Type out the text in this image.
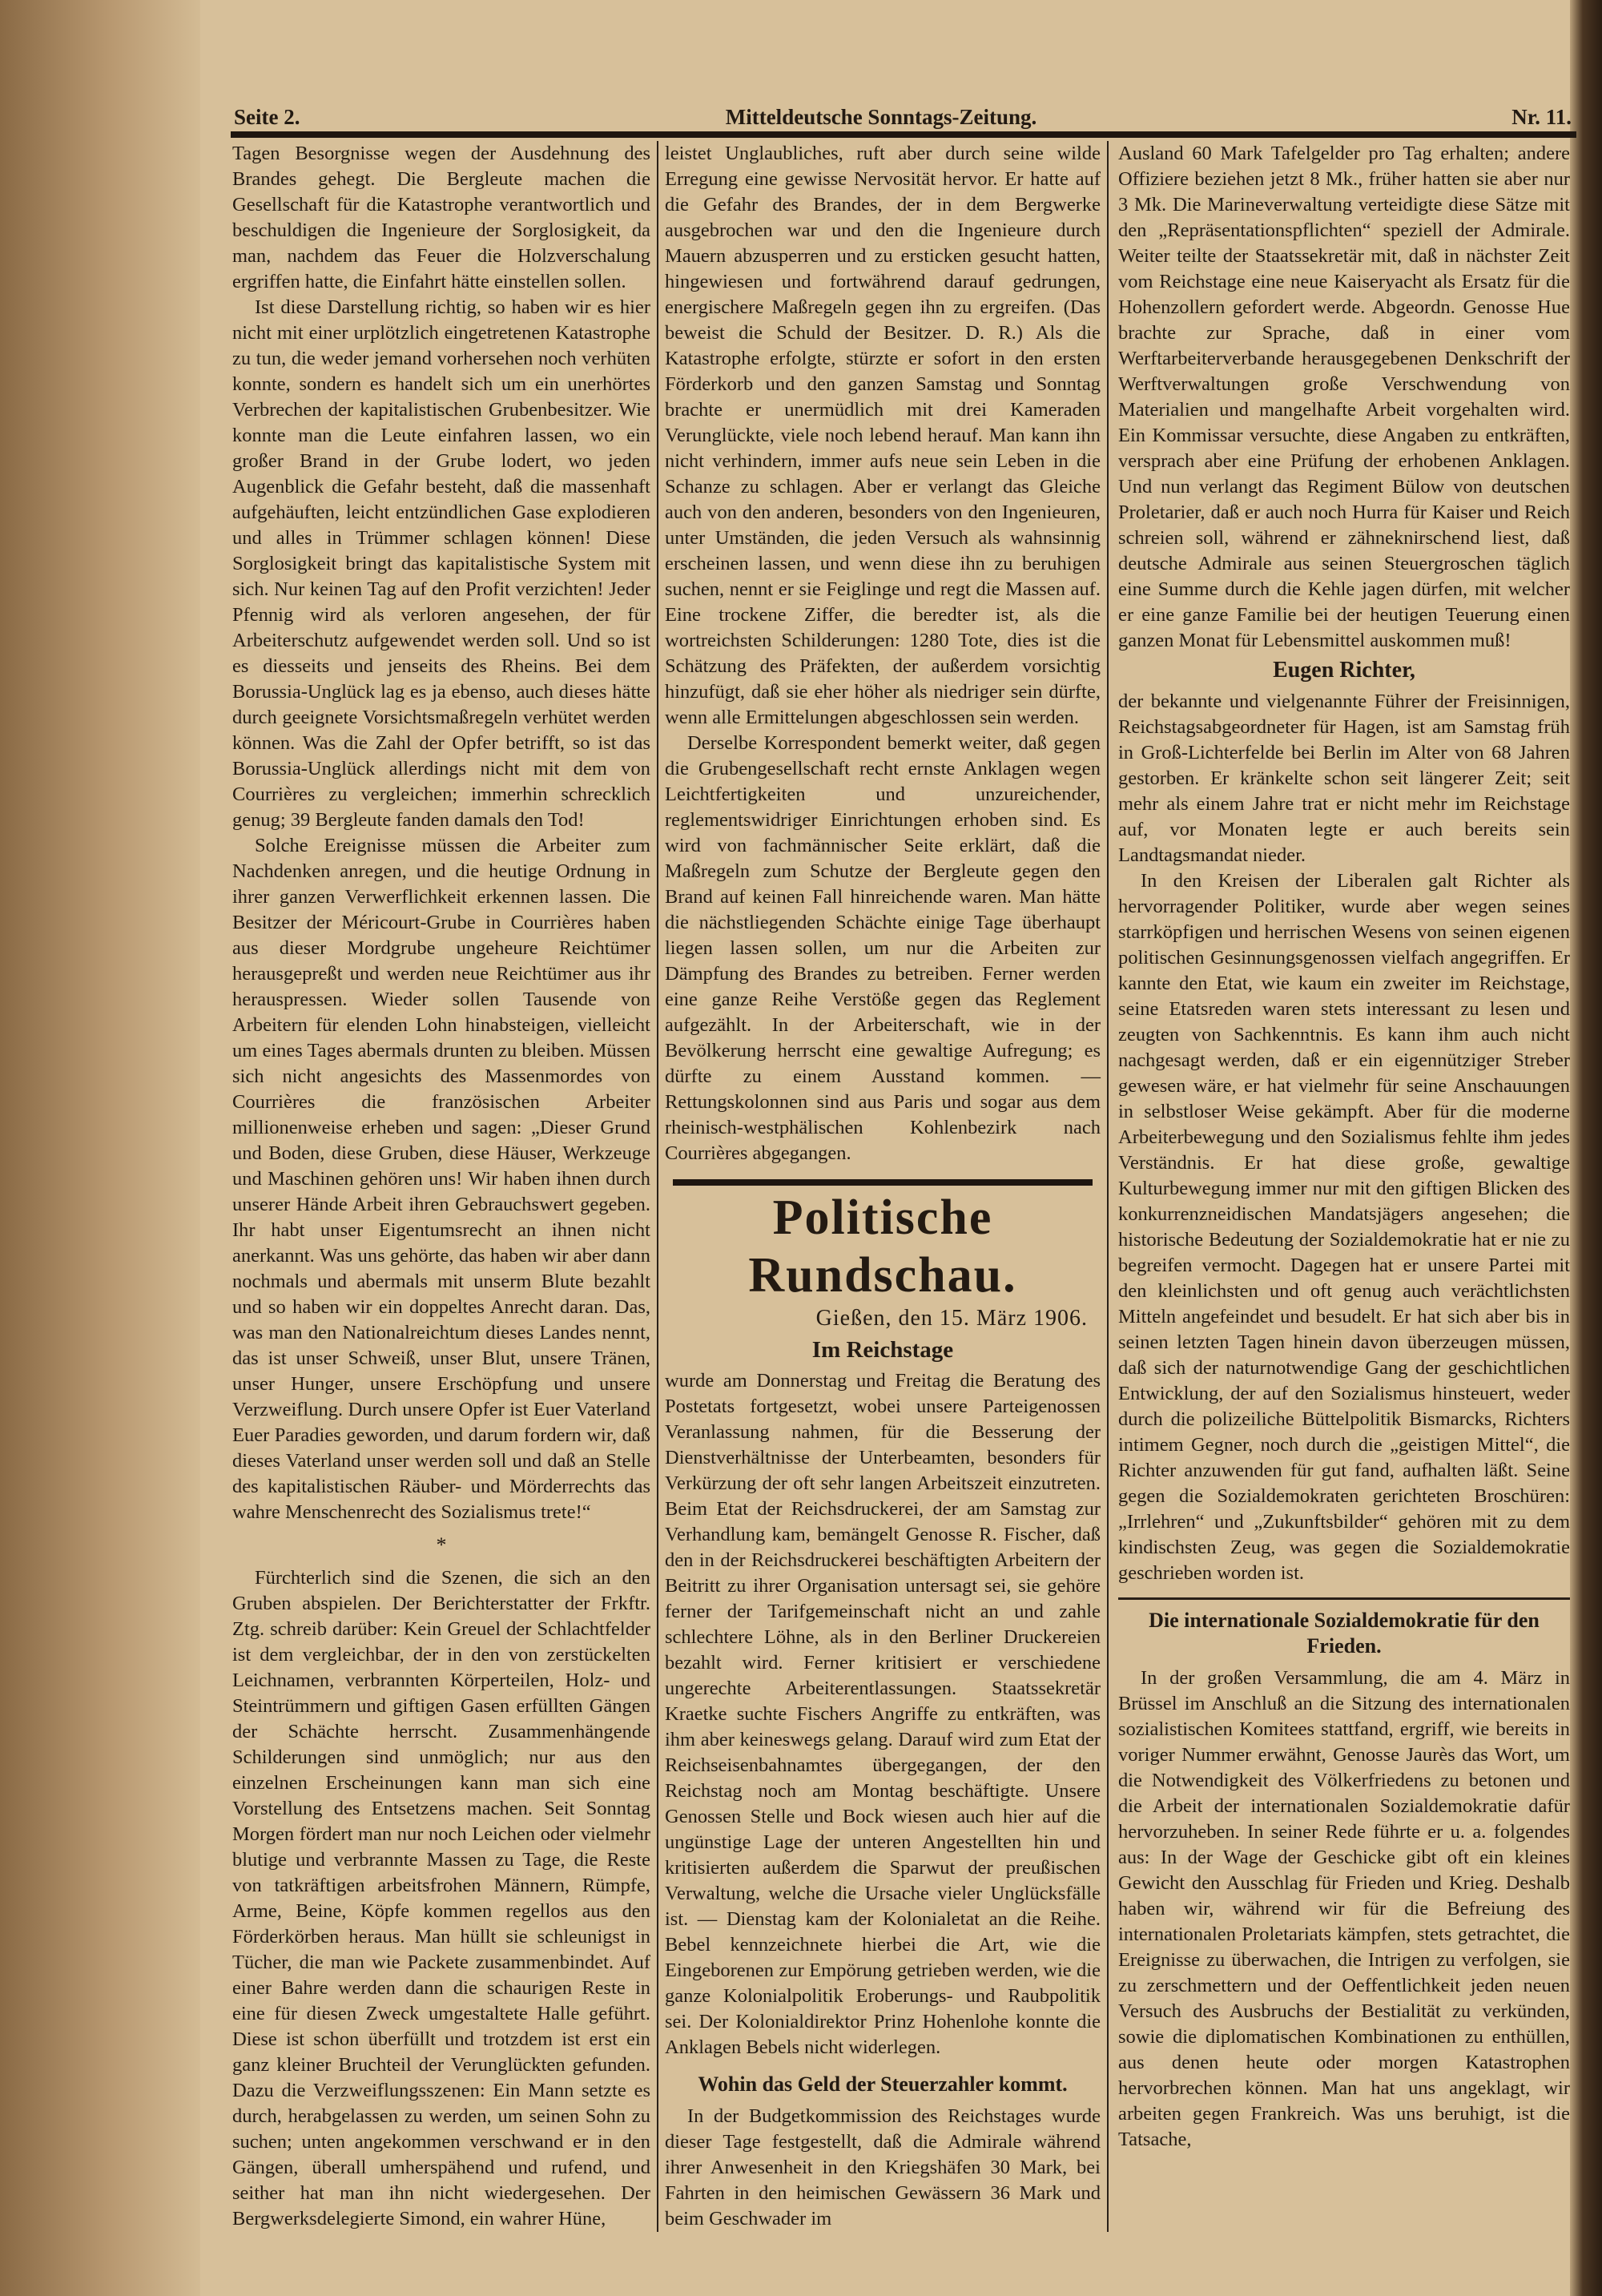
Seite 2.	Mitteldeutsche Sonntags-Zeitung.	Nr. 11.

Tagen Besorgnisse wegen der Ausdehnung des Brandes gehegt. Die Bergleute machen die Gesellschaft für die Katastrophe verantwortlich und beschuldigen die Ingenieure der Sorglosigkeit, da man, nachdem das Feuer die Holzverschalung ergriffen hatte, die Einfahrt hätte einstellen sollen.

Ist diese Darstellung richtig, so haben wir es hier nicht mit einer urplötzlich eingetretenen Katastrophe zu tun, die weder jemand vorhersehen noch verhüten konnte, sondern es handelt sich um ein unerhörtes Verbrechen der kapitalistischen Grubenbesitzer. Wie konnte man die Leute einfahren lassen, wo ein großer Brand in der Grube lodert, wo jeden Augenblick die Gefahr besteht, daß die massenhaft aufgehäuften, leicht entzündlichen Gase explodieren und alles in Trümmer schlagen können! Diese Sorglosigkeit bringt das kapitalistische System mit sich. Nur keinen Tag auf den Profit verzichten! Jeder Pfennig wird als verloren angesehen, der für Arbeiterschutz aufgewendet werden soll. Und so ist es diesseits und jenseits des Rheins. Bei dem Borussia-Unglück lag es ja ebenso, auch dieses hätte durch geeignete Vorsichtsmaßregeln verhütet werden können. Was die Zahl der Opfer betrifft, so ist das Borussia-Unglück allerdings nicht mit dem von Courrières zu vergleichen; immerhin schrecklich genug; 39 Bergleute fanden damals den Tod!

Solche Ereignisse müssen die Arbeiter zum Nachdenken anregen, und die heutige Ordnung in ihrer ganzen Verwerflichkeit erkennen lassen. Die Besitzer der Méricourt-Grube in Courrières haben aus dieser Mordgrube ungeheure Reichtümer herausgepreßt und werden neue Reichtümer aus ihr herauspressen. Wieder sollen Tausende von Arbeitern für elenden Lohn hinabsteigen, vielleicht um eines Tages abermals drunten zu bleiben. Müssen sich nicht angesichts des Massenmordes von Courrières die französischen Arbeiter millionenweise erheben und sagen: „Dieser Grund und Boden, diese Gruben, diese Häuser, Werkzeuge und Maschinen gehören uns! Wir haben ihnen durch unserer Hände Arbeit ihren Gebrauchswert gegeben. Ihr habt unser Eigentumsrecht an ihnen nicht anerkannt. Was uns gehörte, das haben wir aber dann nochmals und abermals mit unserm Blute bezahlt und so haben wir ein doppeltes Anrecht daran. Das, was man den Nationalreichtum dieses Landes nennt, das ist unser Schweiß, unser Blut, unsere Tränen, unser Hunger, unsere Erschöpfung und unsere Verzweiflung. Durch unsere Opfer ist Euer Vaterland Euer Paradies geworden, und darum fordern wir, daß dieses Vaterland unser werden soll und daß an Stelle des kapitalistischen Räuber- und Mörderrechts das wahre Menschenrecht des Sozialismus trete!“

*

Fürchterlich sind die Szenen, die sich an den Gruben abspielen. Der Berichterstatter der Frkftr. Ztg. schreib darüber: Kein Greuel der Schlachtfelder ist dem vergleichbar, der in den von zerstückelten Leichnamen, verbrannten Körperteilen, Holz- und Steintrümmern und giftigen Gasen erfüllten Gängen der Schächte herrscht. Zusammenhängende Schilderungen sind unmöglich; nur aus den einzelnen Erscheinungen kann man sich eine Vorstellung des Entsetzens machen. Seit Sonntag Morgen fördert man nur noch Leichen oder vielmehr blutige und verbrannte Massen zu Tage, die Reste von tatkräftigen arbeitsfrohen Männern, Rümpfe, Arme, Beine, Köpfe kommen regellos aus den Förderkörben heraus. Man hüllt sie schleunigst in Tücher, die man wie Packete zusammenbindet. Auf einer Bahre werden dann die schaurigen Reste in eine für diesen Zweck umgestaltete Halle geführt. Diese ist schon überfüllt und trotzdem ist erst ein ganz kleiner Bruchteil der Verunglückten gefunden. Dazu die Verzweiflungsszenen: Ein Mann setzte es durch, herabgelassen zu werden, um seinen Sohn zu suchen; unten angekommen verschwand er in den Gängen, überall umherspähend und rufend, und seither hat man ihn nicht wiedergesehen. Der Bergwerksdelegierte Simond, ein wahrer Hüne,

leistet Unglaubliches, ruft aber durch seine wilde Erregung eine gewisse Nervosität hervor. Er hatte auf die Gefahr des Brandes, der in dem Bergwerke ausgebrochen war und den die Ingenieure durch Mauern abzusperren und zu ersticken gesucht hatten, hingewiesen und fortwährend darauf gedrungen, energischere Maßregeln gegen ihn zu ergreifen. (Das beweist die Schuld der Besitzer. D. R.) Als die Katastrophe erfolgte, stürzte er sofort in den ersten Förderkorb und den ganzen Samstag und Sonntag brachte er unermüdlich mit drei Kameraden Verunglückte, viele noch lebend herauf. Man kann ihn nicht verhindern, immer aufs neue sein Leben in die Schanze zu schlagen. Aber er verlangt das Gleiche auch von den anderen, besonders von den Ingenieuren, unter Umständen, die jeden Versuch als wahnsinnig erscheinen lassen, und wenn diese ihn zu beruhigen suchen, nennt er sie Feiglinge und regt die Massen auf. Eine trockene Ziffer, die beredter ist, als die wortreichsten Schilderungen: 1280 Tote, dies ist die Schätzung des Präfekten, der außerdem vorsichtig hinzufügt, daß sie eher höher als niedriger sein dürfte, wenn alle Ermittelungen abgeschlossen sein werden.

Derselbe Korrespondent bemerkt weiter, daß gegen die Grubengesellschaft recht ernste Anklagen wegen Leichtfertigkeiten und unzureichender, reglementswidriger Einrichtungen erhoben sind. Es wird von fachmännischer Seite erklärt, daß die Maßregeln zum Schutze der Bergleute gegen den Brand auf keinen Fall hinreichende waren. Man hätte die nächstliegenden Schächte einige Tage überhaupt liegen lassen sollen, um nur die Arbeiten zur Dämpfung des Brandes zu betreiben. Ferner werden eine ganze Reihe Verstöße gegen das Reglement aufgezählt. In der Arbeiterschaft, wie in der Bevölkerung herrscht eine gewaltige Aufregung; es dürfte zu einem Ausstand kommen. — Rettungskolonnen sind aus Paris und sogar aus dem rheinisch-westphälischen Kohlenbezirk nach Courrières abgegangen.

Politische Rundschau.
Gießen, den 15. März 1906.
Im Reichstage

wurde am Donnerstag und Freitag die Beratung des Postetats fortgesetzt, wobei unsere Parteigenossen Veranlassung nahmen, für die Besserung der Dienstverhältnisse der Unterbeamten, besonders für Verkürzung der oft sehr langen Arbeitszeit einzutreten. Beim Etat der Reichsdruckerei, der am Samstag zur Verhandlung kam, bemängelt Genosse R. Fischer, daß den in der Reichsdruckerei beschäftigten Arbeitern der Beitritt zu ihrer Organisation untersagt sei, sie gehöre ferner der Tarifgemeinschaft nicht an und zahle schlechtere Löhne, als in den Berliner Druckereien bezahlt wird. Ferner kritisiert er verschiedene ungerechte Arbeiterentlassungen. Staatssekretär Kraetke suchte Fischers Angriffe zu entkräften, was ihm aber keineswegs gelang. Darauf wird zum Etat der Reichseisenbahnamtes übergegangen, der den Reichstag noch am Montag beschäftigte. Unsere Genossen Stelle und Bock wiesen auch hier auf die ungünstige Lage der unteren Angestellten hin und kritisierten außerdem die Sparwut der preußischen Verwaltung, welche die Ursache vieler Unglücksfälle ist. — Dienstag kam der Kolonialetat an die Reihe. Bebel kennzeichnete hierbei die Art, wie die Eingeborenen zur Empörung getrieben werden, wie die ganze Kolonialpolitik Eroberungs- und Raubpolitik sei. Der Kolonialdirektor Prinz Hohenlohe konnte die Anklagen Bebels nicht widerlegen.

Wohin das Geld der Steuerzahler kommt.

In der Budgetkommission des Reichstages wurde dieser Tage festgestellt, daß die Admirale während ihrer Anwesenheit in den Kriegshäfen 30 Mark, bei Fahrten in den heimischen Gewässern 36 Mark und beim Geschwader im

Ausland 60 Mark Tafelgelder pro Tag erhalten; andere Offiziere beziehen jetzt 8 Mk., früher hatten sie aber nur 3 Mk. Die Marineverwaltung verteidigte diese Sätze mit den „Repräsentationspflichten“ speziell der Admirale. Weiter teilte der Staatssekretär mit, daß in nächster Zeit vom Reichstage eine neue Kaiseryacht als Ersatz für die Hohenzollern gefordert werde. Abgeordn. Genosse Hue brachte zur Sprache, daß in einer vom Werftarbeiterverbande herausgegebenen Denkschrift der Werftverwaltungen große Verschwendung von Materialien und mangelhafte Arbeit vorgehalten wird. Ein Kommissar versuchte, diese Angaben zu entkräften, versprach aber eine Prüfung der erhobenen Anklagen. Und nun verlangt das Regiment Bülow von deutschen Proletarier, daß er auch noch Hurra für Kaiser und Reich schreien soll, während er zähneknirschend liest, daß deutsche Admirale aus seinen Steuergroschen täglich eine Summe durch die Kehle jagen dürfen, mit welcher er eine ganze Familie bei der heutigen Teuerung einen ganzen Monat für Lebensmittel auskommen muß!

Eugen Richter,

der bekannte und vielgenannte Führer der Freisinnigen, Reichstagsabgeordneter für Hagen, ist am Samstag früh in Groß-Lichterfelde bei Berlin im Alter von 68 Jahren gestorben. Er kränkelte schon seit längerer Zeit; seit mehr als einem Jahre trat er nicht mehr im Reichstage auf, vor Monaten legte er auch bereits sein Landtagsmandat nieder.

In den Kreisen der Liberalen galt Richter als hervorragender Politiker, wurde aber wegen seines starrköpfigen und herrischen Wesens von seinen eigenen politischen Gesinnungsgenossen vielfach angegriffen. Er kannte den Etat, wie kaum ein zweiter im Reichstage, seine Etatsreden waren stets interessant zu lesen und zeugten von Sachkenntnis. Es kann ihm auch nicht nachgesagt werden, daß er ein eigennütziger Streber gewesen wäre, er hat vielmehr für seine Anschauungen in selbstloser Weise gekämpft. Aber für die moderne Arbeiterbewegung und den Sozialismus fehlte ihm jedes Verständnis. Er hat diese große, gewaltige Kulturbewegung immer nur mit den giftigen Blicken des konkurrenzneidischen Mandatsjägers angesehen; die historische Bedeutung der Sozialdemokratie hat er nie zu begreifen vermocht. Dagegen hat er unsere Partei mit den kleinlichsten und oft genug auch verächtlichsten Mitteln angefeindet und besudelt. Er hat sich aber bis in seinen letzten Tagen hinein davon überzeugen müssen, daß sich der naturnotwendige Gang der geschichtlichen Entwicklung, der auf den Sozialismus hinsteuert, weder durch die polizeiliche Büttelpolitik Bismarcks, Richters intimem Gegner, noch durch die „geistigen Mittel“, die Richter anzuwenden für gut fand, aufhalten läßt. Seine gegen die Sozialdemokraten gerichteten Broschüren: „Irrlehren“ und „Zukunftsbilder“ gehören mit zu dem kindischsten Zeug, was gegen die Sozialdemokratie geschrieben worden ist.

Die internationale Sozialdemokratie für den Frieden.

In der großen Versammlung, die am 4. März in Brüssel im Anschluß an die Sitzung des internationalen sozialistischen Komitees stattfand, ergriff, wie bereits in voriger Nummer erwähnt, Genosse Jaurès das Wort, um die Notwendigkeit des Völkerfriedens zu betonen und die Arbeit der internationalen Sozialdemokratie dafür hervorzuheben. In seiner Rede führte er u. a. folgendes aus: In der Wage der Geschicke gibt oft ein kleines Gewicht den Ausschlag für Frieden und Krieg. Deshalb haben wir, während wir für die Befreiung des internationalen Proletariats kämpfen, stets getrachtet, die Ereignisse zu überwachen, die Intrigen zu verfolgen, sie zu zerschmettern und der Oeffentlichkeit jeden neuen Versuch des Ausbruchs der Bestialität zu verkünden, sowie die diplomatischen Kombinationen zu enthüllen, aus denen heute oder morgen Katastrophen hervorbrechen können. Man hat uns angeklagt, wir arbeiten gegen Frankreich. Was uns beruhigt, ist die Tatsache,
